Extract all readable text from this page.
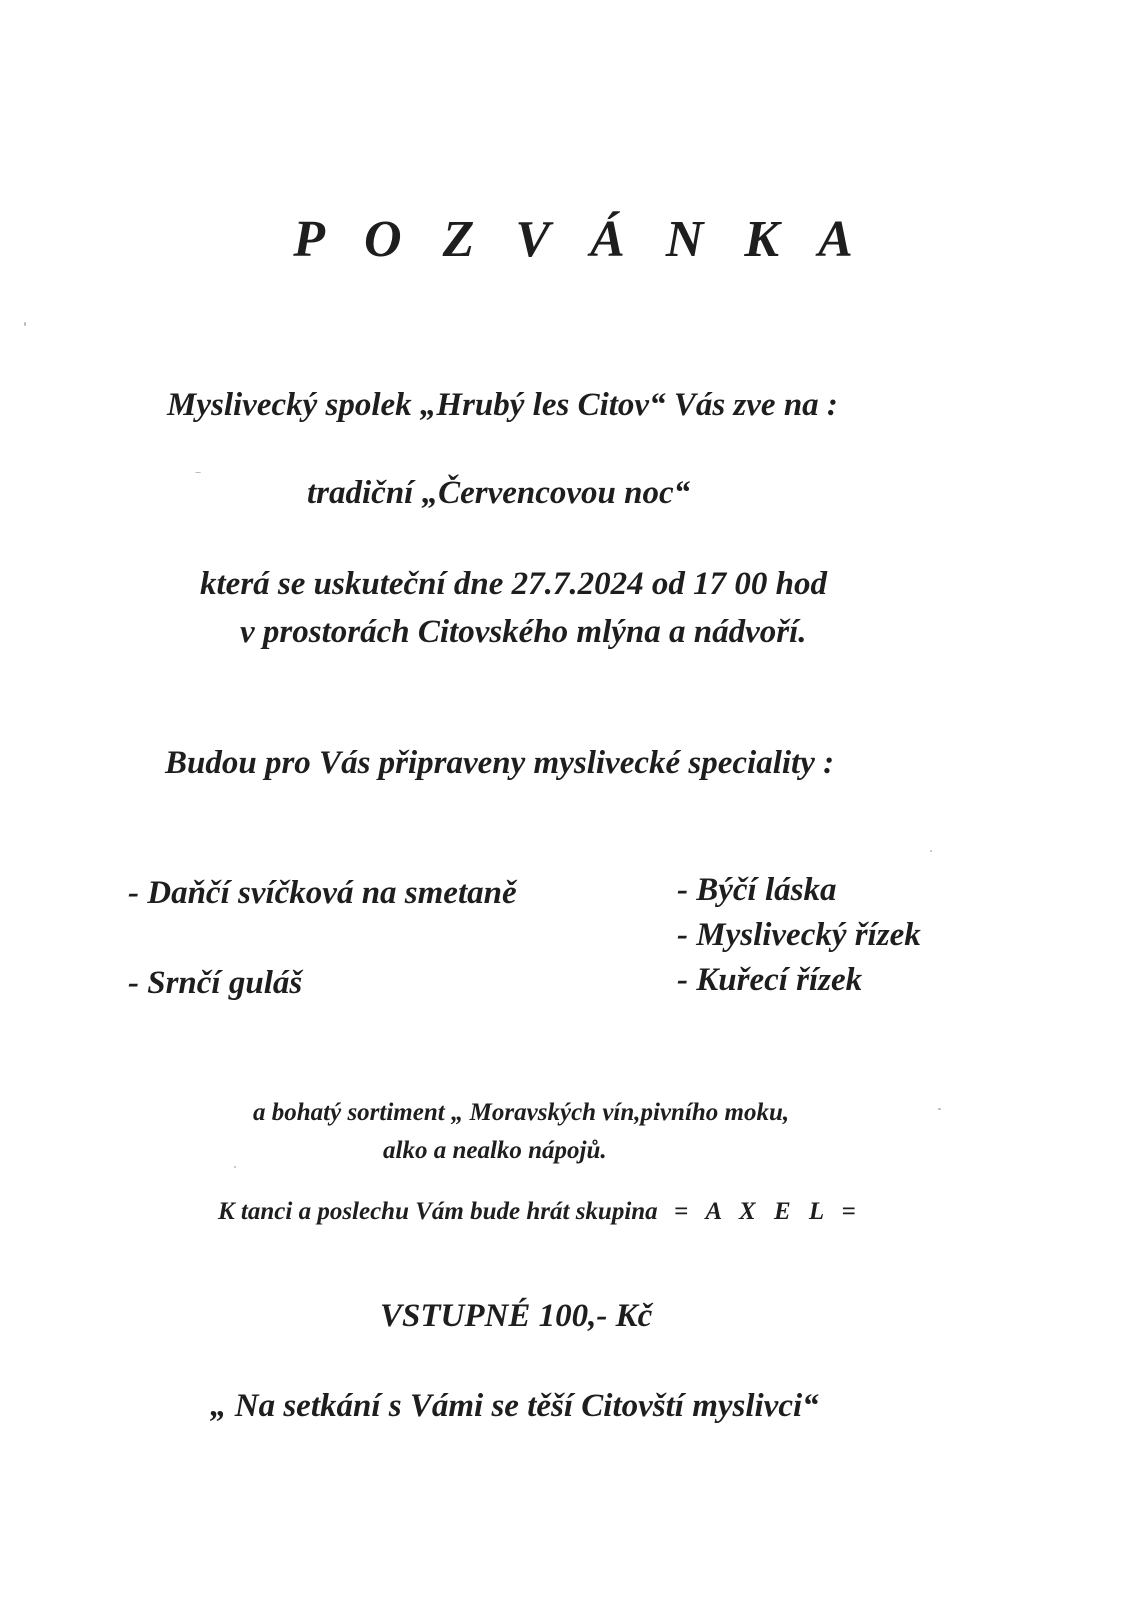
P O Z V Á N K A
Myslivecký spolek „Hrubý les Citov“ Vás zve na :
tradiční „Červencovou noc“
která se uskuteční dne 27.7.2024 od 17 00 hod
v prostorách Citovského mlýna a nádvoří.
Budou pro Vás připraveny myslivecké speciality :
- Daňčí svíčková na smetaně
- Srnčí guláš
- Býčí láska
- Myslivecký řízek
- Kuřecí řízek
a bohatý sortiment „ Moravských vín,pivního moku,
alko a nealko nápojů.
K tanci a poslechu Vám bude hrát skupina = A X E L =
VSTUPNÉ 100,- Kč
„ Na setkání s Vámi se těší Citovští myslivci“
